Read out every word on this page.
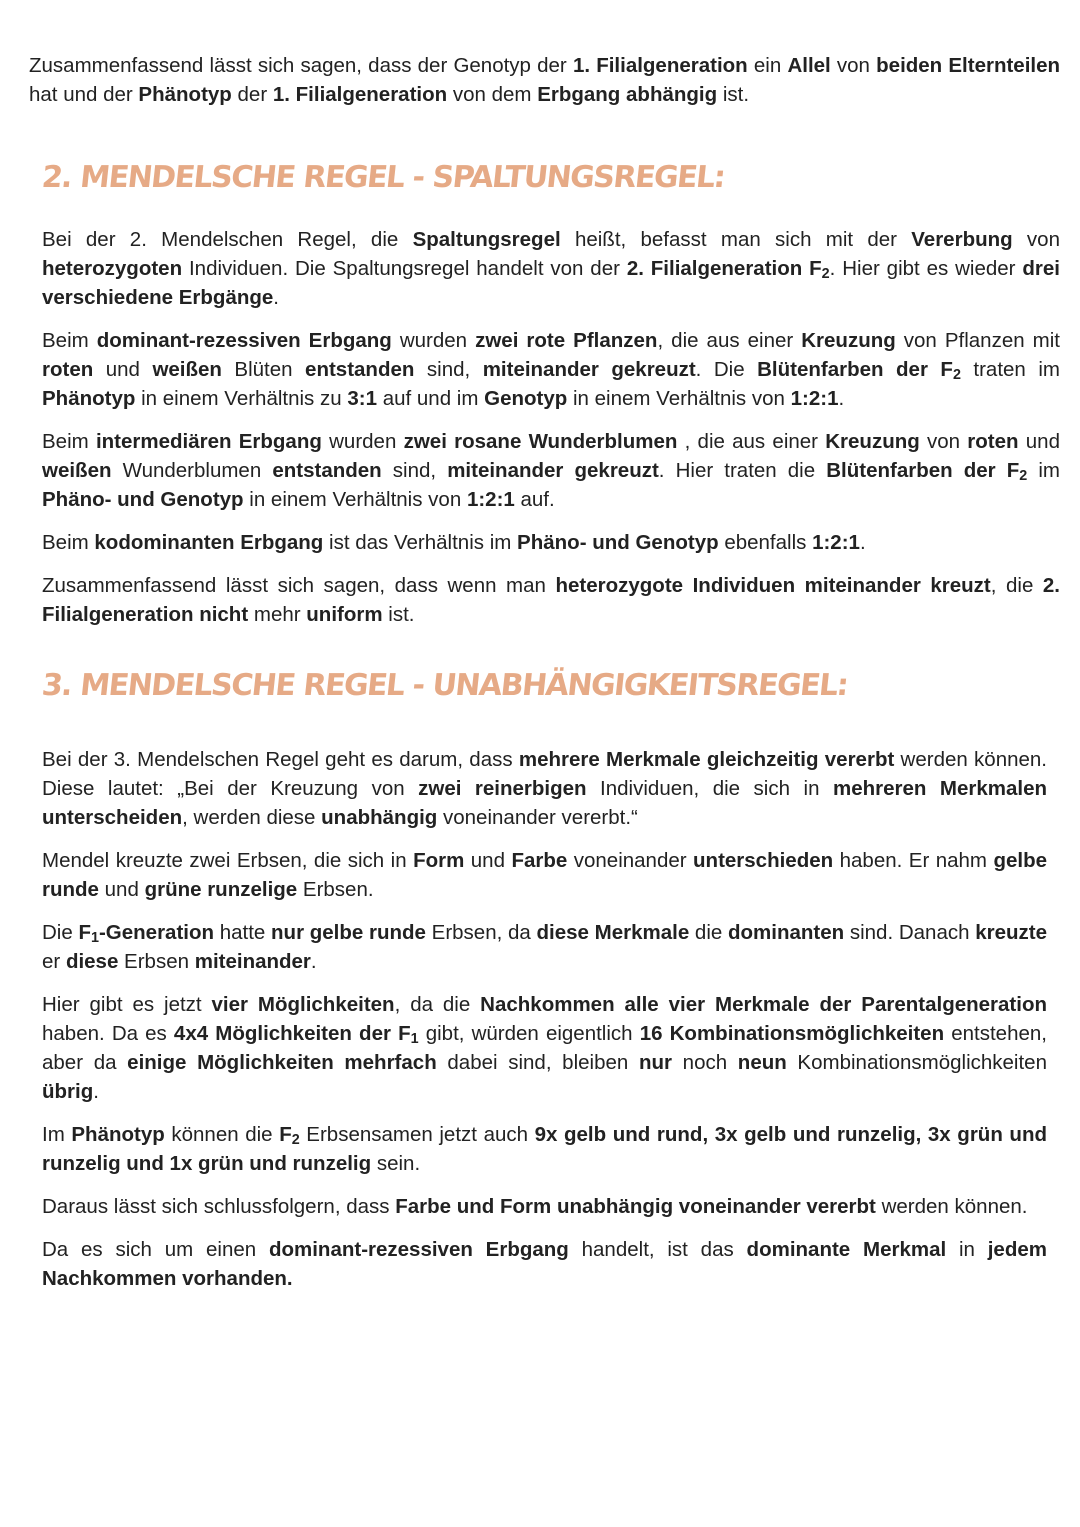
Zusammenfassend lässt sich sagen, dass der Genotyp der 1. Filialgeneration ein Allel von beiden Elternteilen hat und der Phänotyp der 1. Filialgeneration von dem Erbgang abhängig ist.

2. MENDELSCHE REGEL - SPALTUNGSREGEL:

Bei der 2. Mendelschen Regel, die Spaltungsregel heißt, befasst man sich mit der Vererbung von heterozygoten Individuen. Die Spaltungsregel handelt von der 2. Filialgeneration $F_2$. Hier gibt es wieder drei verschiedene Erbgänge.

Beim dominant-rezessiven Erbgang wurden zwei rote Pflanzen, die aus einer Kreuzung von Pflanzen mit roten und weißen Blüten entstanden sind, miteinander gekreuzt. Die Blütenfarben der $F_2$ traten im Phänotyp in einem Verhältnis zu 3:1 auf und im Genotyp in einem Verhältnis von 1:2:1.

Beim intermediären Erbgang wurden zwei rosane Wunderblumen , die aus einer Kreuzung von roten und weißen Wunderblumen entstanden sind, miteinander gekreuzt. Hier traten die Blütenfarben der $F_2$ im Phäno- und Genotyp in einem Verhältnis von 1:2:1 auf.

Beim kodominanten Erbgang ist das Verhältnis im Phäno- und Genotyp ebenfalls 1:2:1.

Zusammenfassend lässt sich sagen, dass wenn man heterozygote Individuen miteinander kreuzt, die 2. Filialgeneration nicht mehr uniform ist.

3. MENDELSCHE REGEL - UNABHÄNGIGKEITSREGEL:

Bei der 3. Mendelschen Regel geht es darum, dass mehrere Merkmale gleichzeitig vererbt werden können. Diese lautet: „Bei der Kreuzung von zwei reinerbigen Individuen, die sich in mehreren Merkmalen unterscheiden, werden diese unabhängig voneinander vererbt.“

Mendel kreuzte zwei Erbsen, die sich in Form und Farbe voneinander unterschieden haben. Er nahm gelbe runde und grüne runzelige Erbsen.

Die $F_1$-Generation hatte nur gelbe runde Erbsen, da diese Merkmale die dominanten sind. Danach kreuzte er diese Erbsen miteinander.

Hier gibt es jetzt vier Möglichkeiten, da die Nachkommen alle vier Merkmale der Parentalgeneration haben. Da es 4x4 Möglichkeiten der $F_1$ gibt, würden eigentlich 16 Kombinationsmöglichkeiten entstehen, aber da einige Möglichkeiten mehrfach dabei sind, bleiben nur noch neun Kombinationsmöglichkeiten übrig.

Im Phänotyp können die $F_2$ Erbsensamen jetzt auch 9x gelb und rund, 3x gelb und runzelig, 3x grün und runzelig und 1x grün und runzelig sein.

Daraus lässt sich schlussfolgern, dass Farbe und Form unabhängig voneinander vererbt werden können.

Da es sich um einen dominant-rezessiven Erbgang handelt, ist das dominante Merkmal in jedem Nachkommen vorhanden.
